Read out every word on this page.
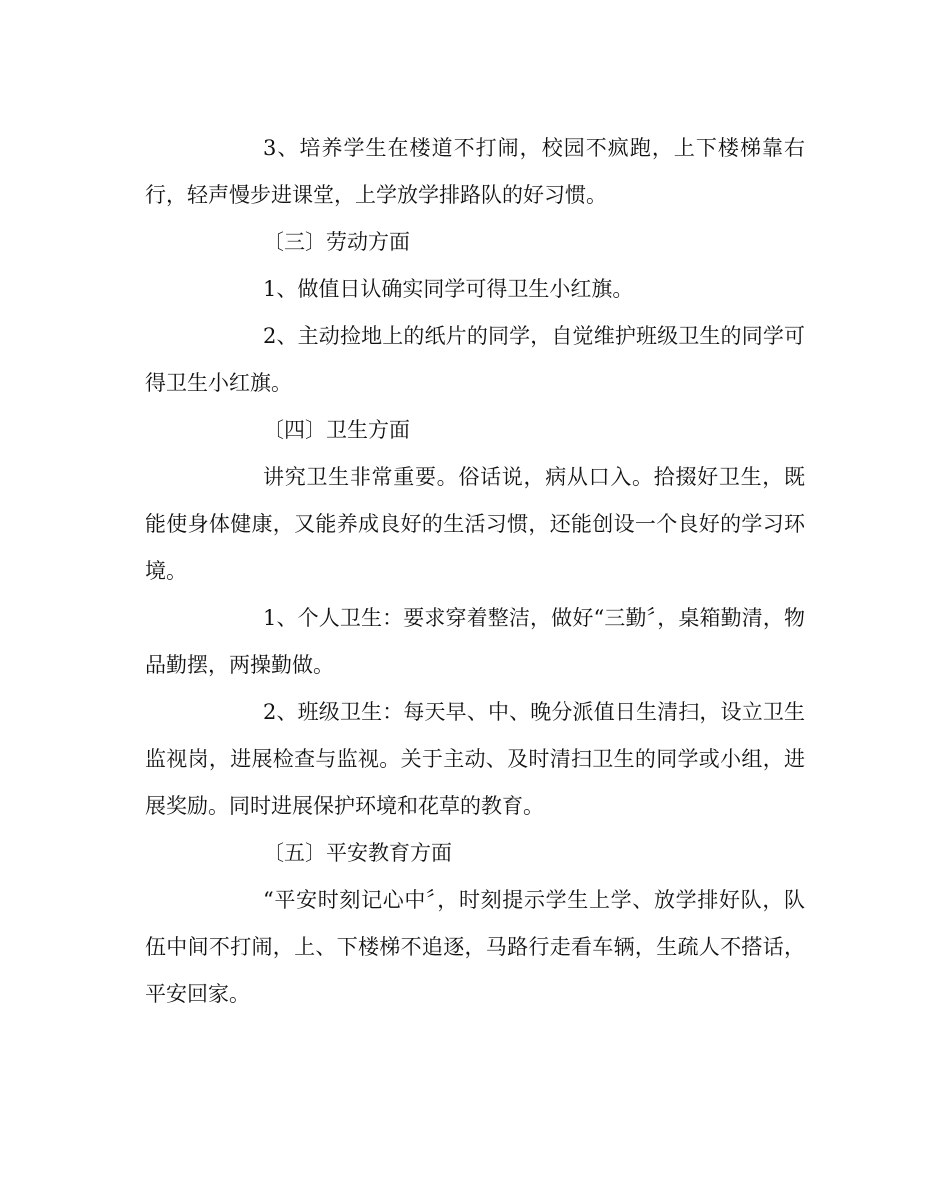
3、培养学生在楼道不打闹，校园不疯跑，上下楼梯靠右行，轻声慢步进课堂，上学放学排路队的好习惯。

〔三〕劳动方面

1、做值日认确实同学可得卫生小红旗。

2、主动捡地上的纸片的同学，自觉维护班级卫生的同学可得卫生小红旗。

〔四〕卫生方面

讲究卫生非常重要。俗话说，病从口入。拾掇好卫生，既能使身体健康，又能养成良好的生活习惯，还能创设一个良好的学习环境。

1、个人卫生：要求穿着整洁，做好“三勤〞，桌箱勤清，物品勤摆，两操勤做。

2、班级卫生：每天早、中、晚分派值日生清扫，设立卫生监视岗，进展检查与监视。关于主动、及时清扫卫生的同学或小组，进展奖励。同时进展保护环境和花草的教育。

〔五〕平安教育方面

“平安时刻记心中〞，时刻提示学生上学、放学排好队，队伍中间不打闹，上、下楼梯不追逐，马路行走看车辆，生疏人不搭话，平安回家。
